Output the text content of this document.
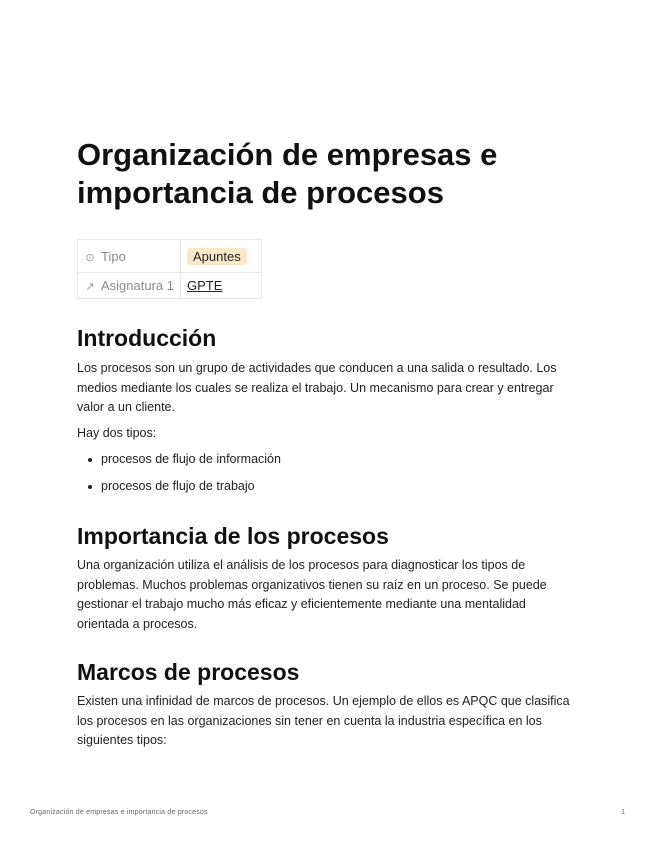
Organización de empresas e importancia de procesos
⊙ Tipo	Apuntes
↗ Asignatura 1	GPTE
Introducción

Los procesos son un grupo de actividades que conducen a una salida o resultado. Los medios mediante los cuales se realiza el trabajo. Un mecanismo para crear y entregar valor a un cliente.

Hay dos tipos:

procesos de flujo de información
procesos de flujo de trabajo
Importancia de los procesos

Una organización utiliza el análisis de los procesos para diagnosticar los tipos de problemas. Muchos problemas organizativos tienen su raíz en un proceso. Se puede gestionar el trabajo mucho más eficaz y eficientemente mediante una mentalidad orientada a procesos.

Marcos de procesos

Existen una infinidad de marcos de procesos. Un ejemplo de ellos es APQC que clasifica los procesos en las organizaciones sin tener en cuenta la industria específica en los siguientes tipos:

Organización de empresas e importancia de procesos	1
